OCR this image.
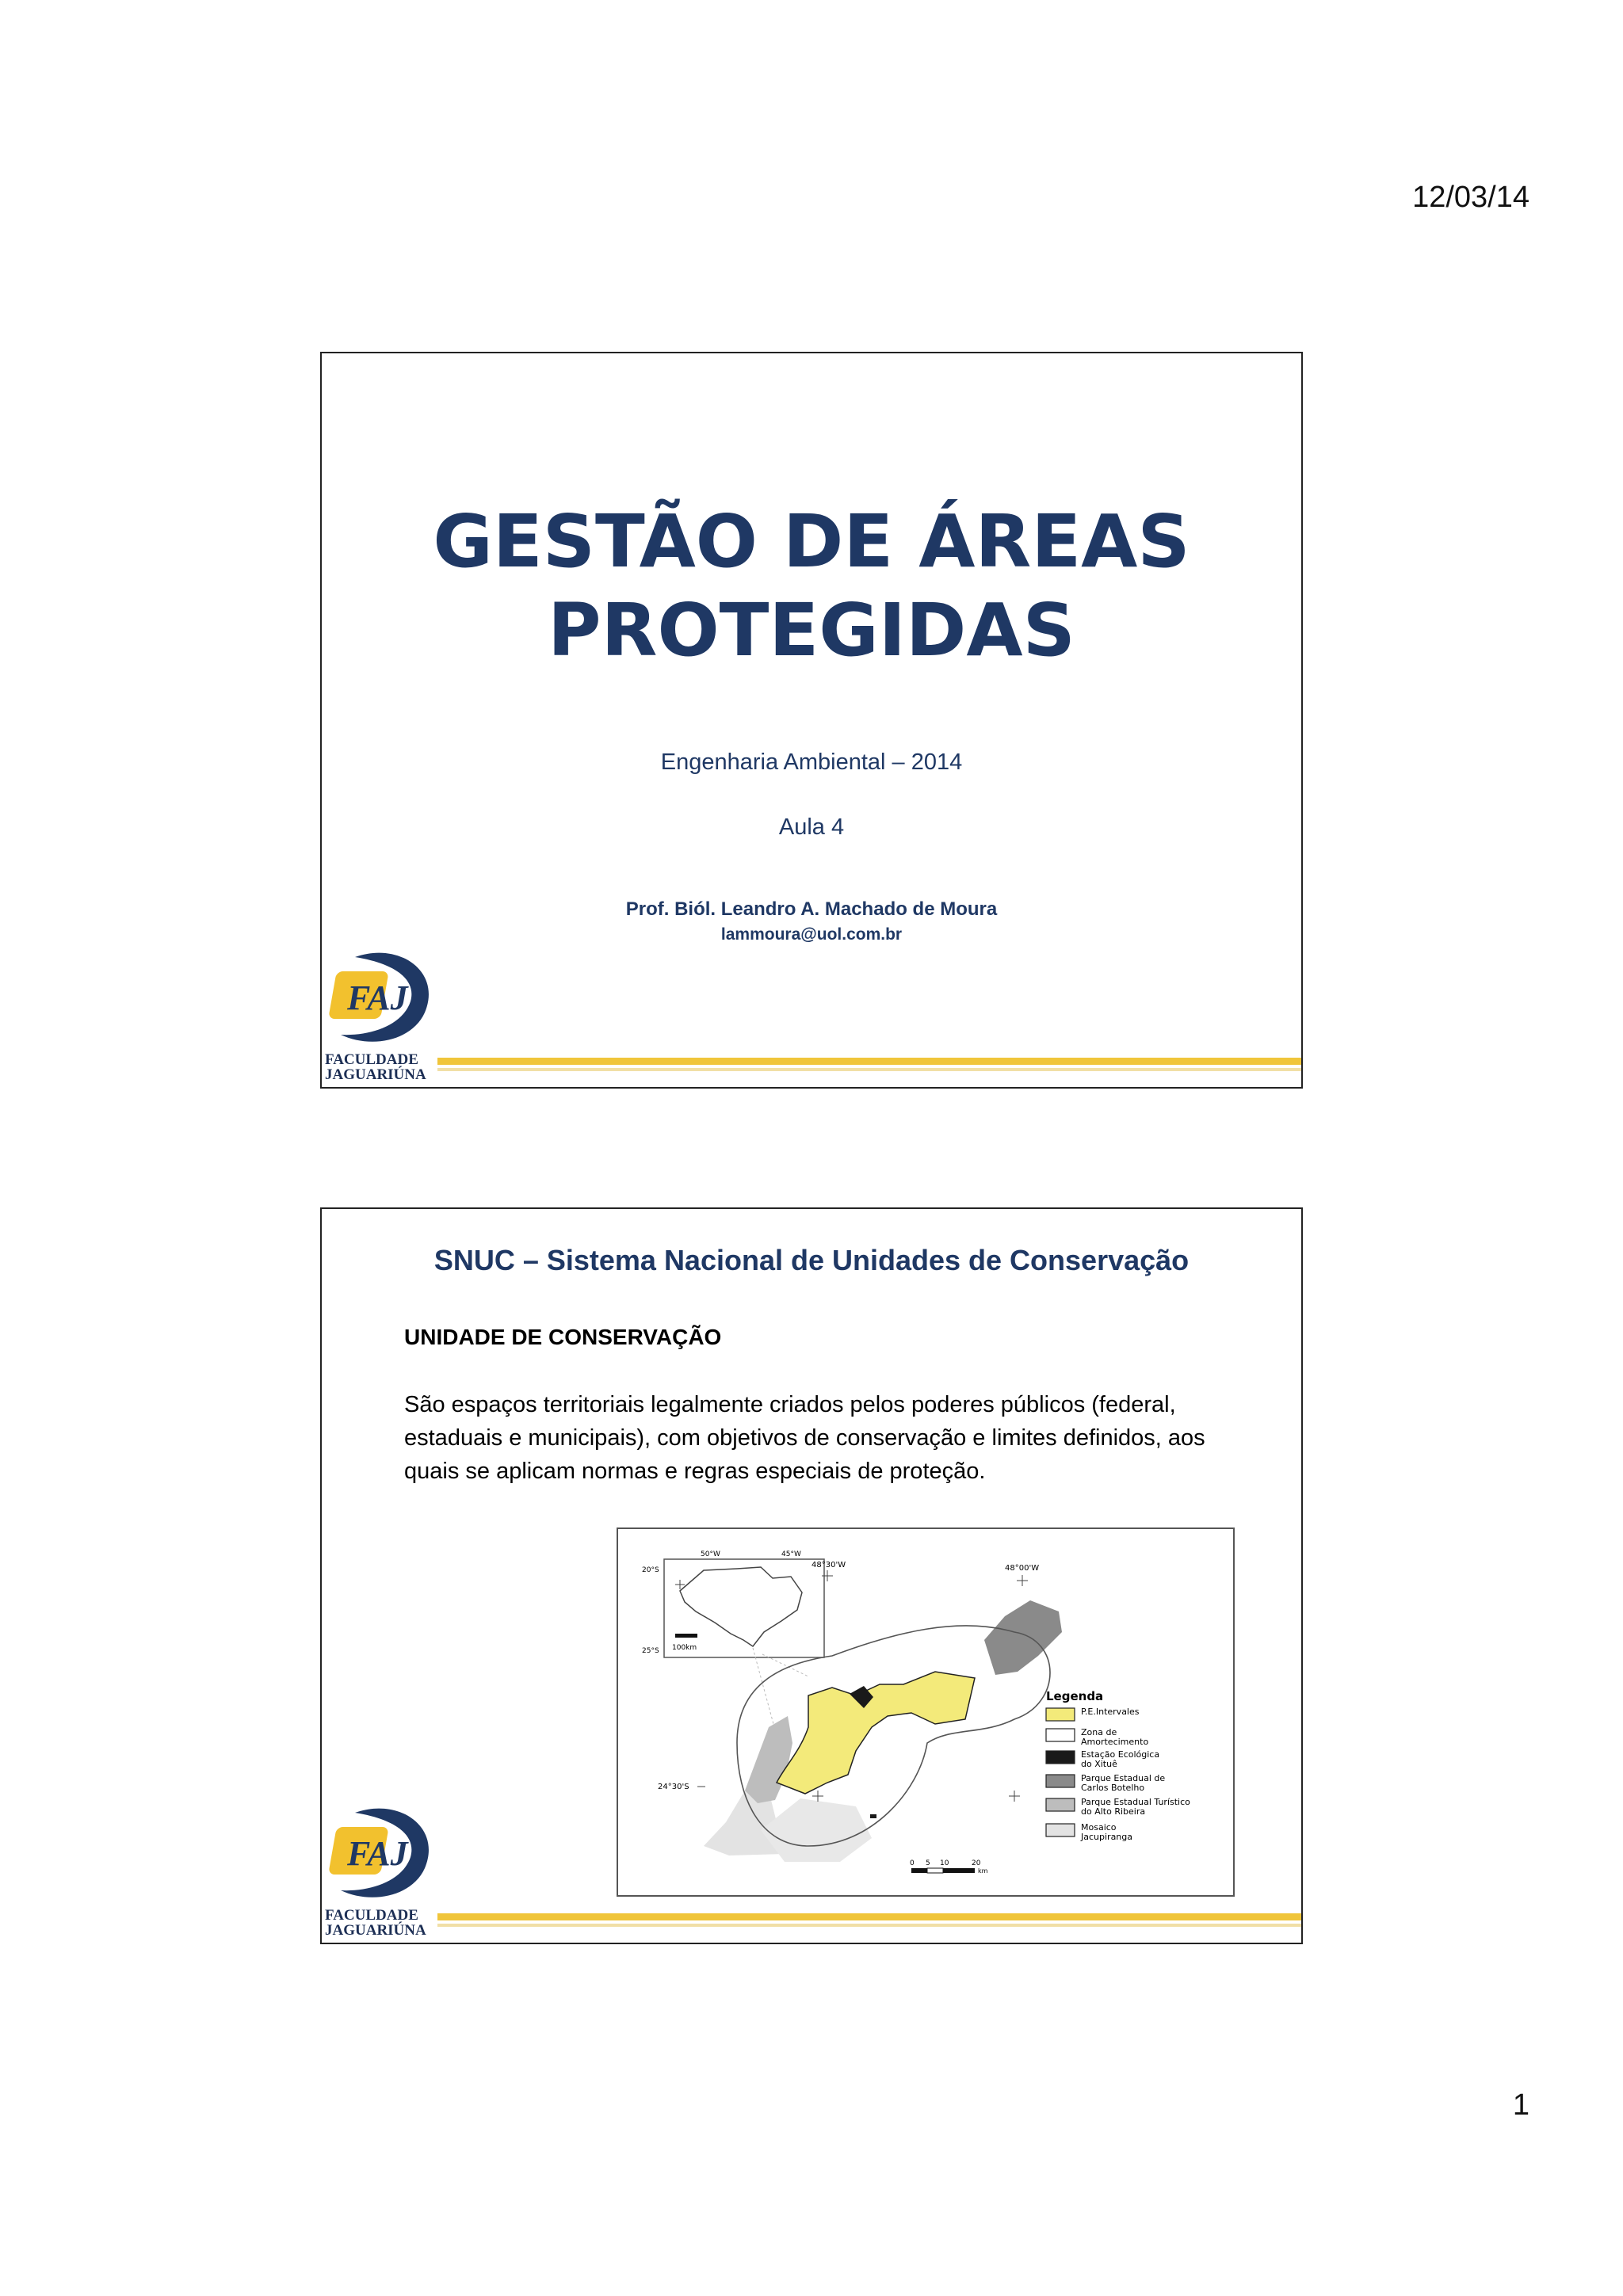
12/03/14
GESTÃO DE ÁREAS
PROTEGIDAS
Engenharia Ambiental – 2014
Aula 4
Prof. Biól. Leandro A. Machado de Moura
lammoura@uol.com.br
FAJ
FACULDADE
JAGUARIÚNA
SNUC – Sistema Nacional de Unidades de Conservação
UNIDADE DE CONSERVAÇÃO
São espaços territoriais legalmente criados pelos poderes públicos (federal, estaduais e municipais), com objetivos de conservação e limites definidos, aos quais se aplicam normas e regras especiais de proteção.
100km
20°S
25°S
50°W	45°W
48°30'W	48°00'W
24°30'S
0 5 10	20
km
Legenda
P.E.Intervales
Zona de Amortecimento
Estação Ecológica do Xituê
Parque Estadual de Carlos Botelho
Parque Estadual Turístico do Alto Ribeira
Mosaico Jacupiranga
FAJ
FACULDADE
JAGUARIÚNA
1
